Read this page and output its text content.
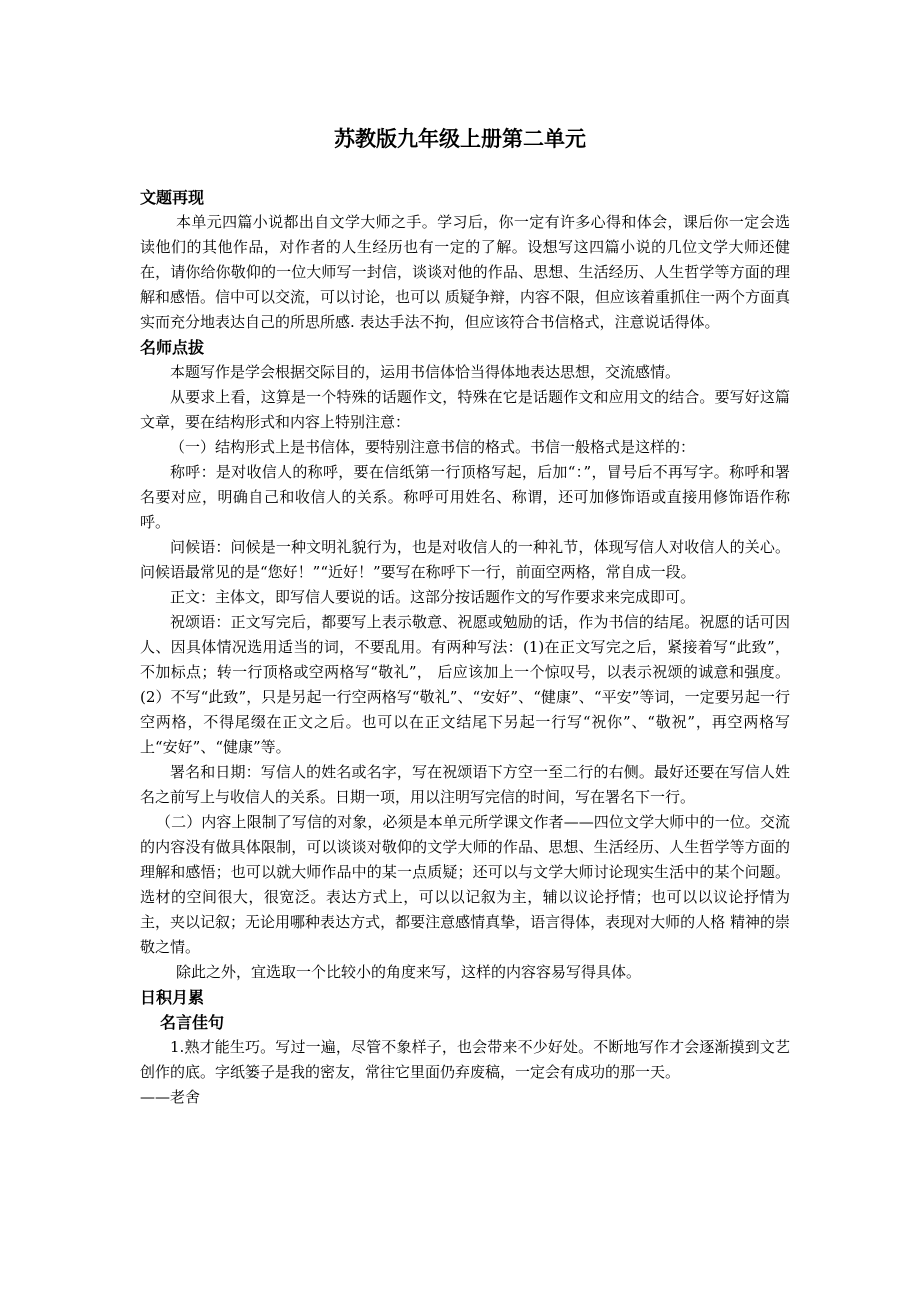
苏教版九年级上册第二单元
文题再现

本单元四篇小说都出自文学大师之手。学习后，你一定有许多心得和体会，课后你一定会选读他们的其他作品，对作者的人生经历也有一定的了解。设想写这四篇小说的几位文学大师还健在，请你给你敬仰的一位大师写一封信，谈谈对他的作品、思想、生活经历、人生哲学等方面的理解和感悟。信中可以交流，可以讨论，也可以 质疑争辩，内容不限，但应该着重抓住一两个方面真实而充分地表达自己的所思所感. 表达手法不拘，但应该符合书信格式，注意说话得体。

名师点拔

本题写作是学会根据交际目的，运用书信体恰当得体地表达思想，交流感情。

从要求上看，这算是一个特殊的话题作文，特殊在它是话题作文和应用文的结合。要写好这篇文章，要在结构形式和内容上特别注意：

（一）结构形式上是书信体，要特别注意书信的格式。书信一般格式是这样的：

称呼：是对收信人的称呼，要在信纸第一行顶格写起，后加“：”，冒号后不再写字。称呼和署名要对应，明确自己和收信人的关系。称呼可用姓名、称谓，还可加修饰语或直接用修饰语作称呼。

问候语：问候是一种文明礼貌行为，也是对收信人的一种礼节，体现写信人对收信人的关心。问候语最常见的是“您好！”“近好！”要写在称呼下一行，前面空两格，常自成一段。

正文：主体文，即写信人要说的话。这部分按话题作文的写作要求来完成即可。

祝颂语：正文写完后，都要写上表示敬意、祝愿或勉励的话，作为书信的结尾。祝愿的话可因人、因具体情况选用适当的词，不要乱用。有两种写法：(1)在正文写完之后，紧接着写“此致”， 不加标点；转一行顶格或空两格写“敬礼”， 后应该加上一个惊叹号，以表示祝颂的诚意和强度。(2）不写“此致”，只是另起一行空两格写“敬礼”、“安好”、“健康”、“平安”等词，一定要另起一行空两格，不得尾缀在正文之后。也可以在正文结尾下另起一行写“祝你”、“敬祝”，再空两格写上“安好”、“健康”等。

署名和日期：写信人的姓名或名字，写在祝颂语下方空一至二行的右侧。最好还要在写信人姓名之前写上与收信人的关系。日期一项，用以注明写完信的时间，写在署名下一行。

（二）内容上限制了写信的对象，必须是本单元所学课文作者——四位文学大师中的一位。交流的内容没有做具体限制，可以谈谈对敬仰的文学大师的作品、思想、生活经历、人生哲学等方面的理解和感悟；也可以就大师作品中的某一点质疑；还可以与文学大师讨论现实生活中的某个问题。选材的空间很大，很宽泛。表达方式上，可以以记叙为主，辅以议论抒情；也可以以议论抒情为主，夹以记叙；无论用哪种表达方式，都要注意感情真挚，语言得体，表现对大师的人格 精神的崇敬之情。

除此之外，宜选取一个比较小的角度来写，这样的内容容易写得具体。

日积月累
名言佳句

1.熟才能生巧。写过一遍，尽管不象样子，也会带来不少好处。不断地写作才会逐渐摸到文艺创作的底。字纸篓子是我的密友，常往它里面仍弃废稿，一定会有成功的那一天。

——老舍
